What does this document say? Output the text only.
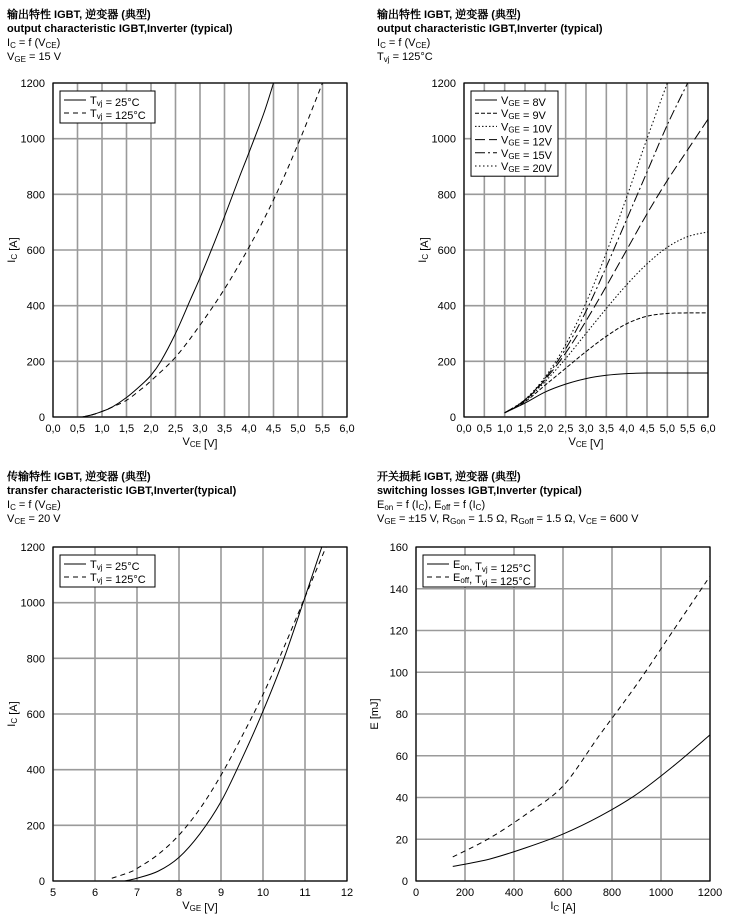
输出特性 IGBT, 逆变器 (典型)
output characteristic IGBT,Inverter (typical)
$I_C = f$ $(V_{CE})$
$V_{GE} = 15$ V
0,0 0,5 1,0 1,5 2,0 2,5 3,0 3,5 4,0 4,5 5,0 5,5 6,0
0
200
400
600
800
1000
1200
VCE [V]
IC [A]
Tvj = 25°C
Tvj = 125°C
输出特性 IGBT, 逆变器 (典型)
output characteristic IGBT,Inverter (typical)
$I_C = f$ $(V_{CE})$
$T_{vj} = 125^\circ C$
0,0 0,5 1,0 1,5 2,0 2,5 3,0 3,5 4,0 4,5 5,0 5,5 6,0
0
200
400
600
800
1000
1200
VCE [V]
IC [A]
VGE = 8V
VGE = 9V
VGE = 10V
VGE = 12V
VGE = 15V
VGE = 20V
传输特性 IGBT, 逆变器 (典型)
transfer characteristic IGBT,Inverter(typical)
$I_C = f$ $(V_{GE})$
$V_{CE} = 20$ V
5	6	7	8	9	10	11	12
0
200
400
600
800
1000
1200
VGE [V]
IC [A]
Tvj = 25°C
Tvj = 125°C
开关损耗 IGBT, 逆变器 (典型)
switching losses IGBT,Inverter (typical)
$E_{on} = f$ $(I_C)$, $E_{off} = f$ $(I_C)$
$V_{GE} = \pm 15$ V, $R_{Gon} = 1.5$ Ω, $R_{Goff} = 1.5$ Ω, $V_{CE} = 600$ V
0	200	400	600	800	1000 1200
0
20
40
60
80
100
120
140
160
IC [A]
E [mJ]
Eon, Tvj = 125°C
Eoff, Tvj = 125°C
